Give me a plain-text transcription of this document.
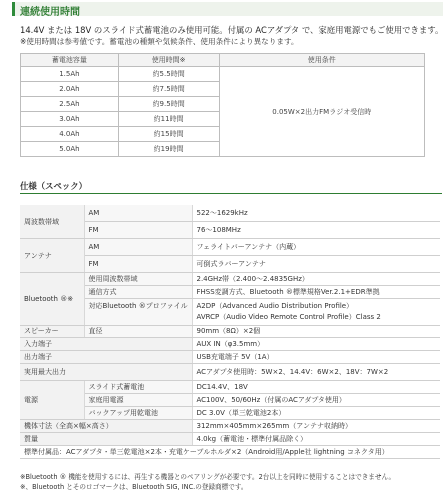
連続使用時間
14.4V または 18V のスライド式蓄電池のみ使用可能。付属の ACアダプタ で、家庭用電源でもご使用できます。
※使用時間は参考値です。蓄電池の種類や気候条件、使用条件により異なります。
蓄電池容量	使用時間※	使用条件
1.5Ah	約5.5時間	0.05W×2出力FMラジオ受信時
2.0Ah	約7.5時間	
2.5Ah	約9.5時間	
3.0Ah	約11時間	
4.0Ah	約15時間	
5.0Ah	約19時間	
仕様（スペック）
周波数帯域	AM	522〜1629kHz
	FM	76〜108MHz
アンテナ	AM	フェライトバーアンテナ（内蔵）
	FM	可倒式ラバーアンテナ
Bluetooth ®※	使用周波数帯域	2.4GHz帯（2.400〜2.4835GHz）
	通信方式	FHSS変調方式、Bluetooth ®標準規格Ver.2.1+EDR準拠
	対応Bluetooth ®プロファイル	A2DP（Advanced Audio Distribution Profile）
AVRCP（Audio Video Remote Control Profile）Class 2

スピーカー	直径	90mm（8Ω）×2個
入力端子		AUX IN（φ3.5mm）
出力端子		USB充電端子 5V（1A）
実用最大出力		ACアダプタ使用時：5W×2、14.4V：6W×2、18V：7W×2
電源	スライド式蓄電池	DC14.4V、18V
	家庭用電源	AC100V、50/60Hz（付属のACアダプタ使用）
	バックアップ用乾電池	DC 3.0V（単三乾電池2本）
機体寸法（全高×幅×高さ）		312mm×405mm×265mm（アンテナ収納時）
質量		4.0kg（蓄電池・標準付属品除く）
標準付属品：ACアダプタ・単三乾電池×2本・充電ケーブルホルダ×2（Android用/Apple社 lightning コネクタ用）		
※Bluetooth ® 機能を使用するには、再生する機器とのペアリングが必要です。2台以上を同時に使用することはできません。
※、Bluetooth とそのロゴマークは、Bluetooth SIG, INC.の登録商標です。
